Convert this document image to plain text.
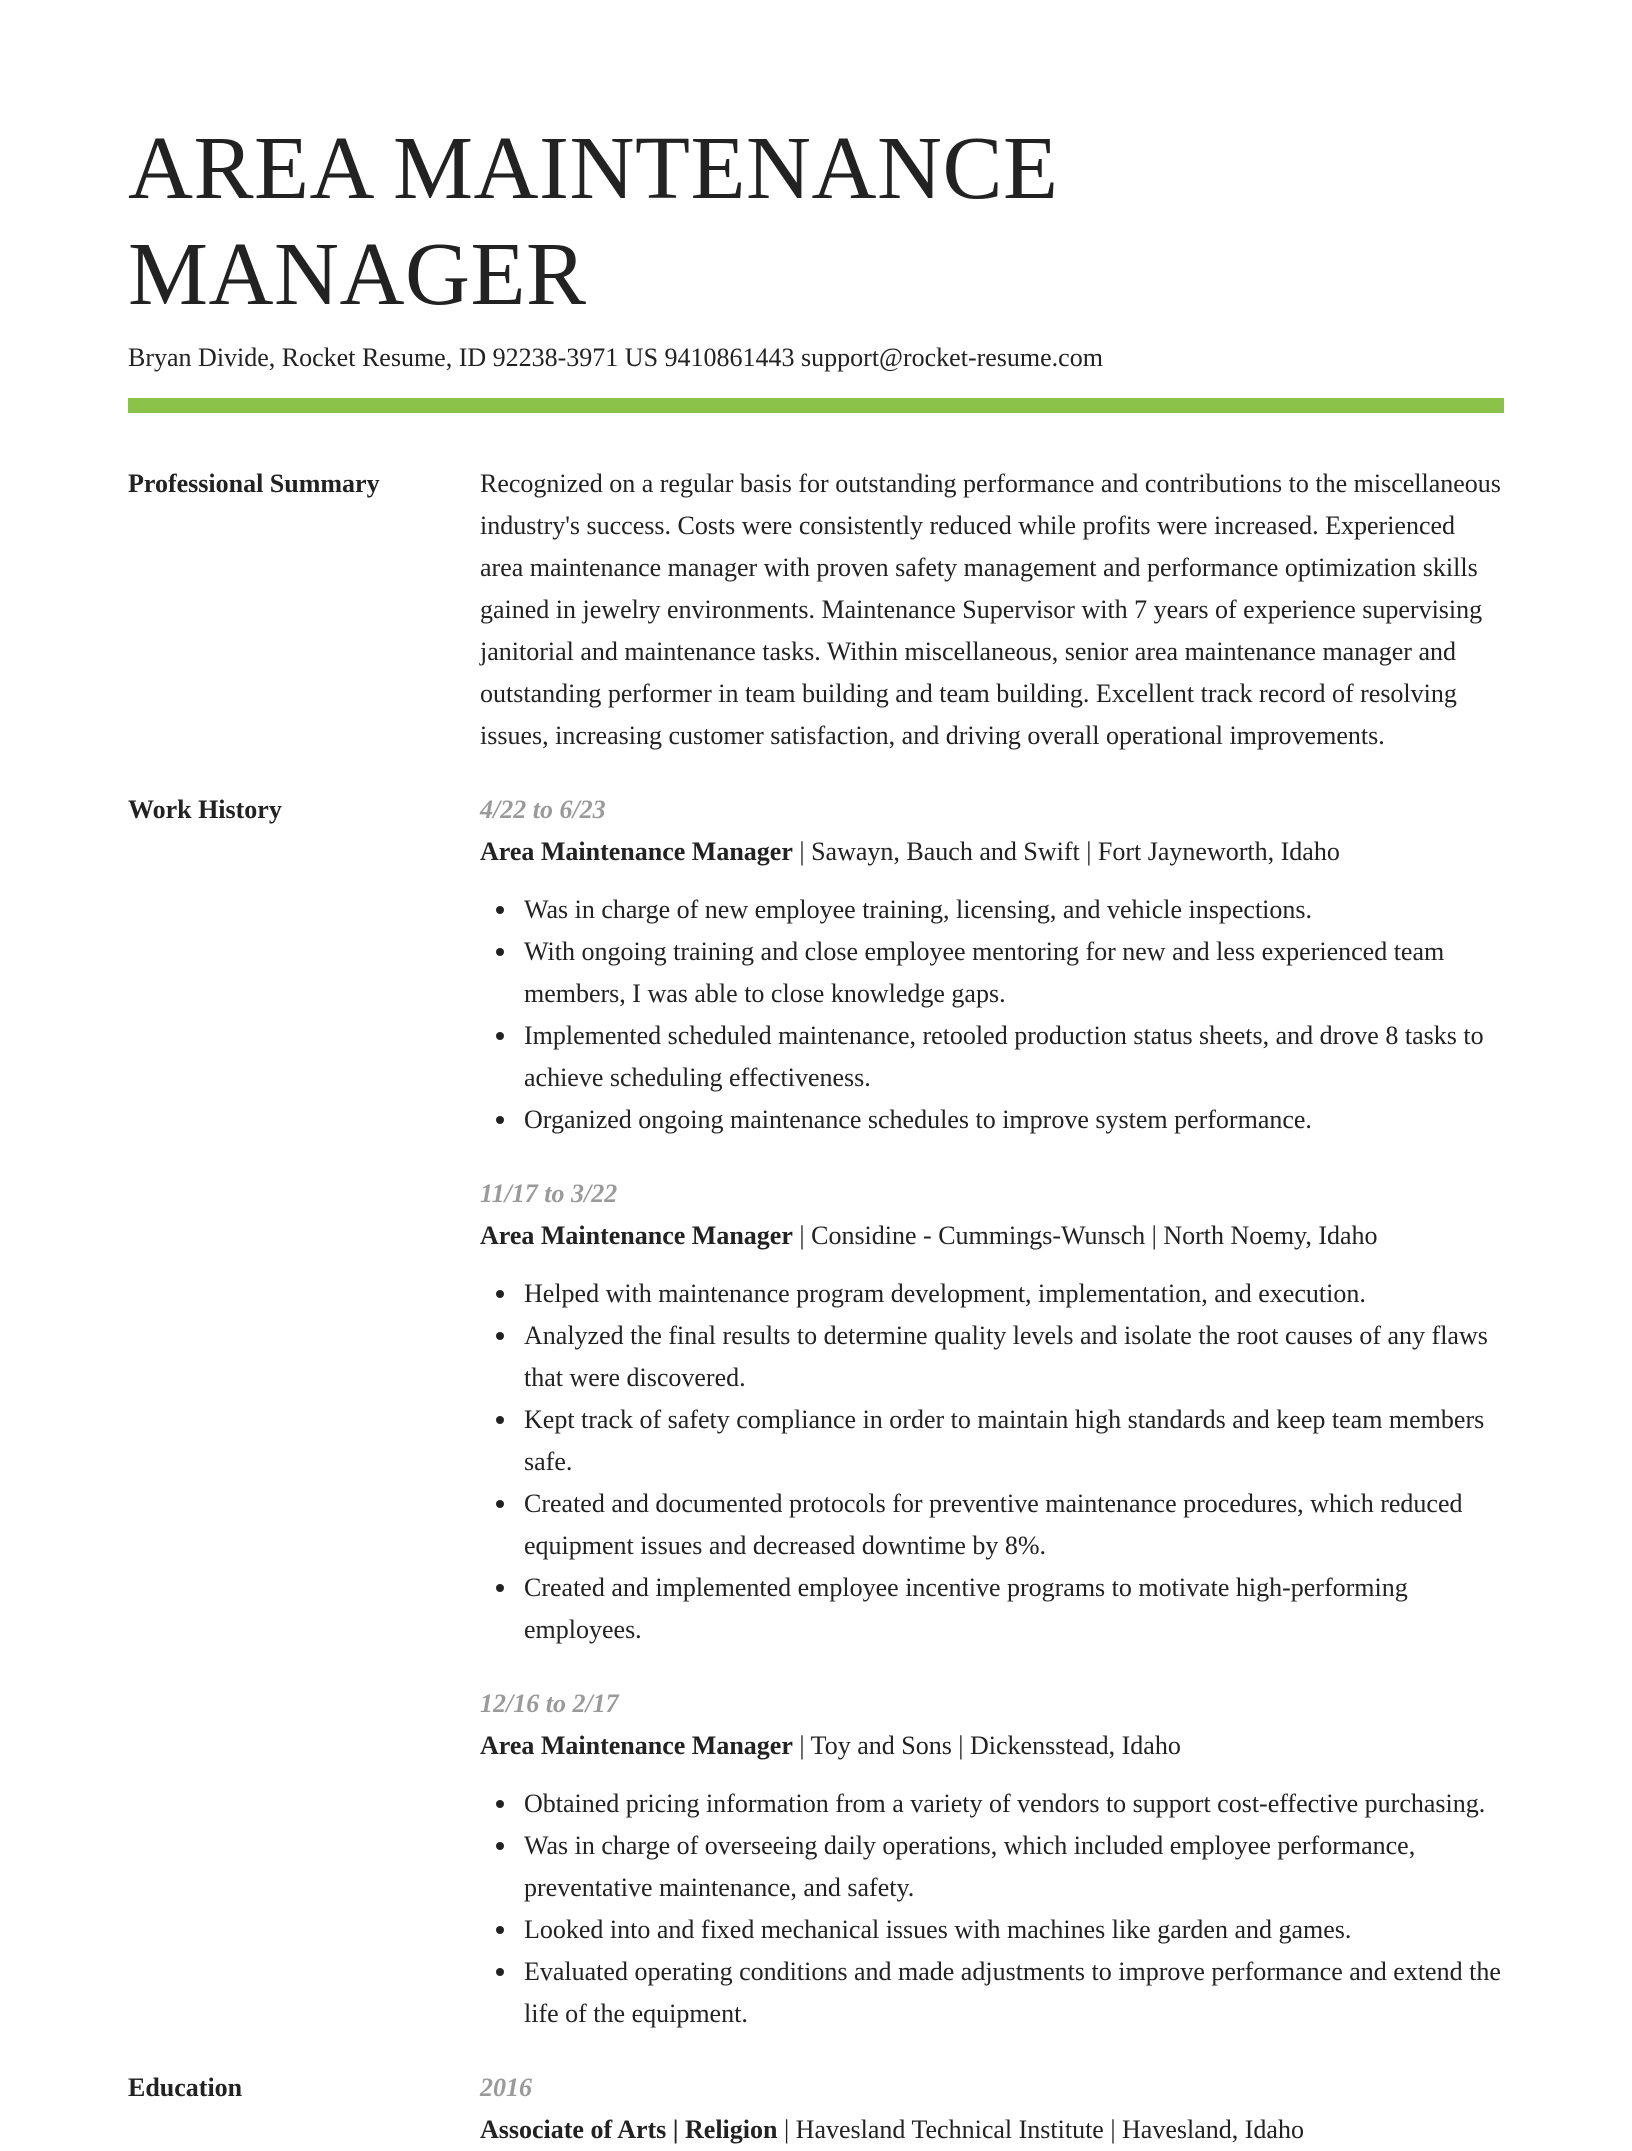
AREA MAINTENANCE MANAGER
Bryan Divide, Rocket Resume, ID 92238-3971 US 9410861443 support@rocket-resume.com
Professional Summary	Recognized on a regular basis for outstanding performance and contributions to the miscellaneous industry's success. Costs were consistently reduced while profits were increased. Experienced area maintenance manager with proven safety management and performance optimization skills gained in jewelry environments. Maintenance Supervisor with 7 years of experience supervising janitorial and maintenance tasks. Within miscellaneous, senior area maintenance manager and outstanding performer in team building and team building. Excellent track record of resolving issues, increasing customer satisfaction, and driving overall operational improvements.
Work History	4/22 to 6/23
Area Maintenance Manager | Sawayn, Bauch and Swift | Fort Jayneworth, Idaho
Was in charge of new employee training, licensing, and vehicle inspections.
With ongoing training and close employee mentoring for new and less experienced team members, I was able to close knowledge gaps.
Implemented scheduled maintenance, retooled production status sheets, and drove 8 tasks to achieve scheduling effectiveness.
Organized ongoing maintenance schedules to improve system performance.
11/17 to 3/22
Area Maintenance Manager | Considine - Cummings-Wunsch | North Noemy, Idaho
Helped with maintenance program development, implementation, and execution.
Analyzed the final results to determine quality levels and isolate the root causes of any flaws that were discovered.
Kept track of safety compliance in order to maintain high standards and keep team members safe.
Created and documented protocols for preventive maintenance procedures, which reduced equipment issues and decreased downtime by 8%.
Created and implemented employee incentive programs to motivate high-performing employees.
12/16 to 2/17
Area Maintenance Manager | Toy and Sons | Dickensstead, Idaho
Obtained pricing information from a variety of vendors to support cost-effective purchasing.
Was in charge of overseeing daily operations, which included employee performance, preventative maintenance, and safety.
Looked into and fixed mechanical issues with machines like garden and games.
Evaluated operating conditions and made adjustments to improve performance and extend the life of the equipment.
Education	2016
Associate of Arts | Religion | Havesland Technical Institute | Havesland, Idaho
